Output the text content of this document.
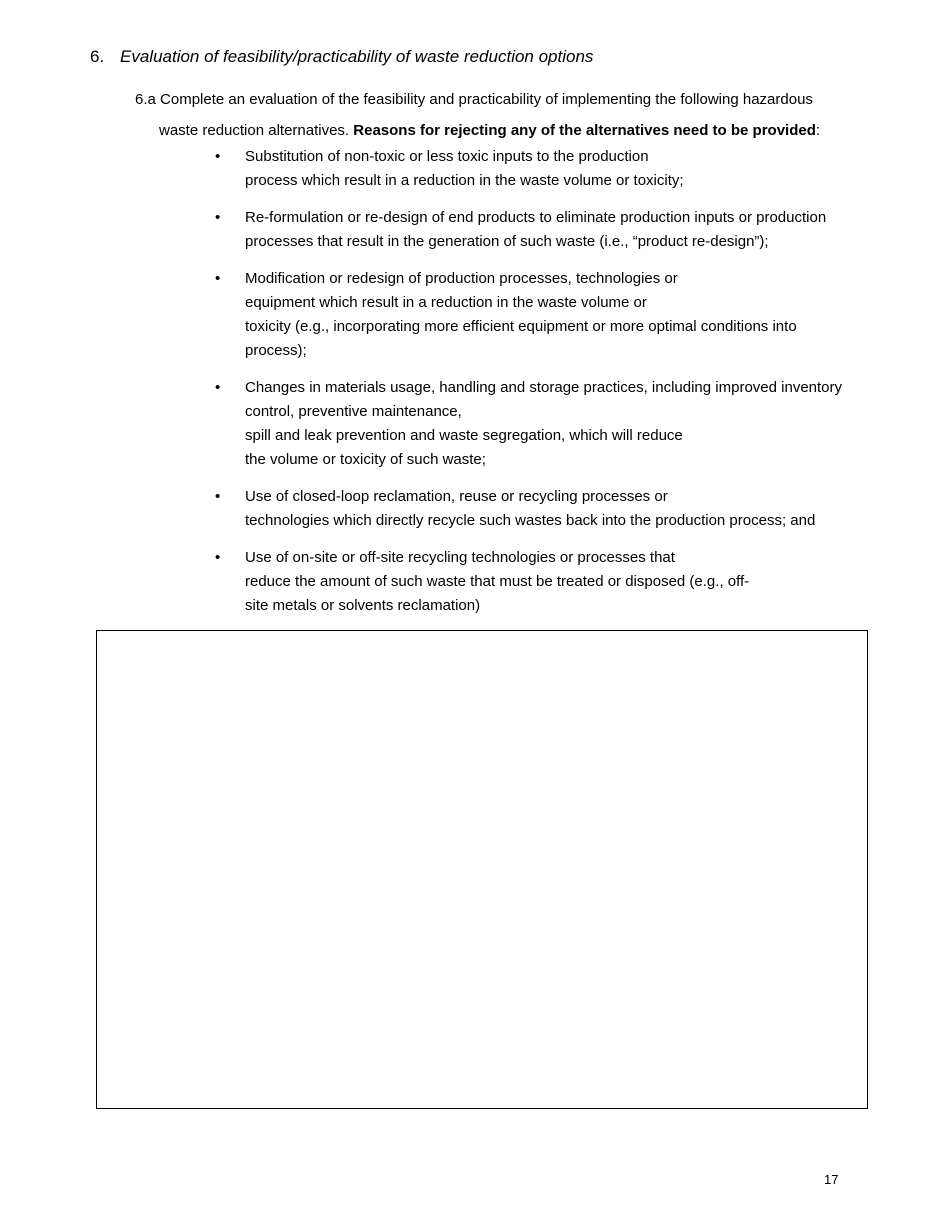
6. Evaluation of feasibility/practicability of waste reduction options
6.a Complete an evaluation of the feasibility and practicability of implementing the following hazardous
waste reduction alternatives. Reasons for rejecting any of the alternatives need to be provided:
•	Substitution of non-toxic or less toxic inputs to the production
process which result in a reduction in the waste volume or toxicity;
•	Re-formulation or re-design of end products to eliminate production inputs or production
processes that result in the generation of such waste (i.e., “product re-design”);
•	Modification or redesign of production processes, technologies or
equipment which result in a reduction in the waste volume or
toxicity (e.g., incorporating more efficient equipment or more optimal conditions into
process);
•	Changes in materials usage, handling and storage practices, including improved inventory
control, preventive maintenance,
spill and leak prevention and waste segregation, which will reduce
the volume or toxicity of such waste;
•	Use of closed-loop reclamation, reuse or recycling processes or
technologies which directly recycle such wastes back into the production process; and
•	Use of on-site or off-site recycling technologies or processes that
reduce the amount of such waste that must be treated or disposed (e.g., off-
site metals or solvents reclamation)
17
